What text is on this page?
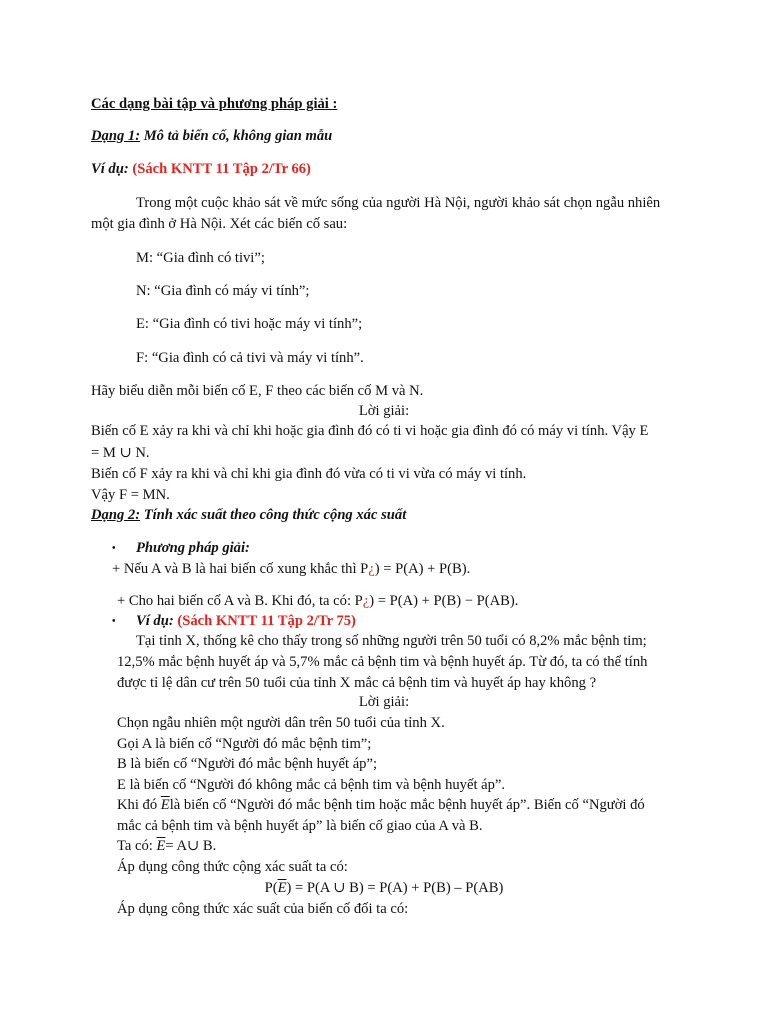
Các dạng bài tập và phương pháp giải :
Dạng 1: Mô tả biến cố, không gian mẫu
Ví dụ: (Sách KNTT 11 Tập 2/Tr 66)
Trong một cuộc khảo sát về mức sống của người Hà Nội, người khảo sát chọn ngẫu nhiên
một gia đình ở Hà Nội. Xét các biến cố sau:
M: “Gia đình có tivi”;
N: “Gia đình có máy vi tính”;
E: “Gia đình có tivi hoặc máy vi tính”;
F: “Gia đình có cả tivi và máy vi tính”.
Hãy biểu diễn mỗi biến cố E, F theo các biến cố M và N.
Lời giải:
Biến cố E xảy ra khi và chỉ khi hoặc gia đình đó có ti vi hoặc gia đình đó có máy vi tính. Vậy E
= M ∪ N.
Biến cố F xảy ra khi và chỉ khi gia đình đó vừa có ti vi vừa có máy vi tính.
Vậy F = MN.
Dạng 2: Tính xác suất theo công thức cộng xác suất
• Phương pháp giải:
+ Nếu A và B là hai biến cố xung khắc thì P¿) = P(A) + P(B).
+ Cho hai biến cố A và B. Khi đó, ta có: P¿) = P(A) + P(B) − P(AB).
• Ví dụ: (Sách KNTT 11 Tập 2/Tr 75)
Tại tỉnh X, thống kê cho thấy trong số những người trên 50 tuổi có 8,2% mắc bệnh tim;
12,5% mắc bệnh huyết áp và 5,7% mắc cả bệnh tim và bệnh huyết áp. Từ đó, ta có thể tính
được tỉ lệ dân cư trên 50 tuổi của tỉnh X mắc cả bệnh tim và huyết áp hay không ?
Lời giải:
Chọn ngẫu nhiên một người dân trên 50 tuổi của tỉnh X.
Gọi A là biến cố “Người đó mắc bệnh tim”;
B là biến cố “Người đó mắc bệnh huyết áp”;
E là biến cố “Người đó không mắc cả bệnh tim và bệnh huyết áp”.
Khi đó $\overline{E}là$ biến cố “Người đó mắc bệnh tim hoặc mắc bệnh huyết áp”. Biến cố “Người đó
mắc cả bệnh tim và bệnh huyết áp” là biến cố giao của A và B.
Ta có: $\overline{E}=$ A∪ B.
Áp dụng công thức cộng xác suất ta có:
$P(\overline{E}) = P(A$ ∪ B) = P(A) + P(B) – P(AB)
Áp dụng công thức xác suất của biến cố đối ta có:
